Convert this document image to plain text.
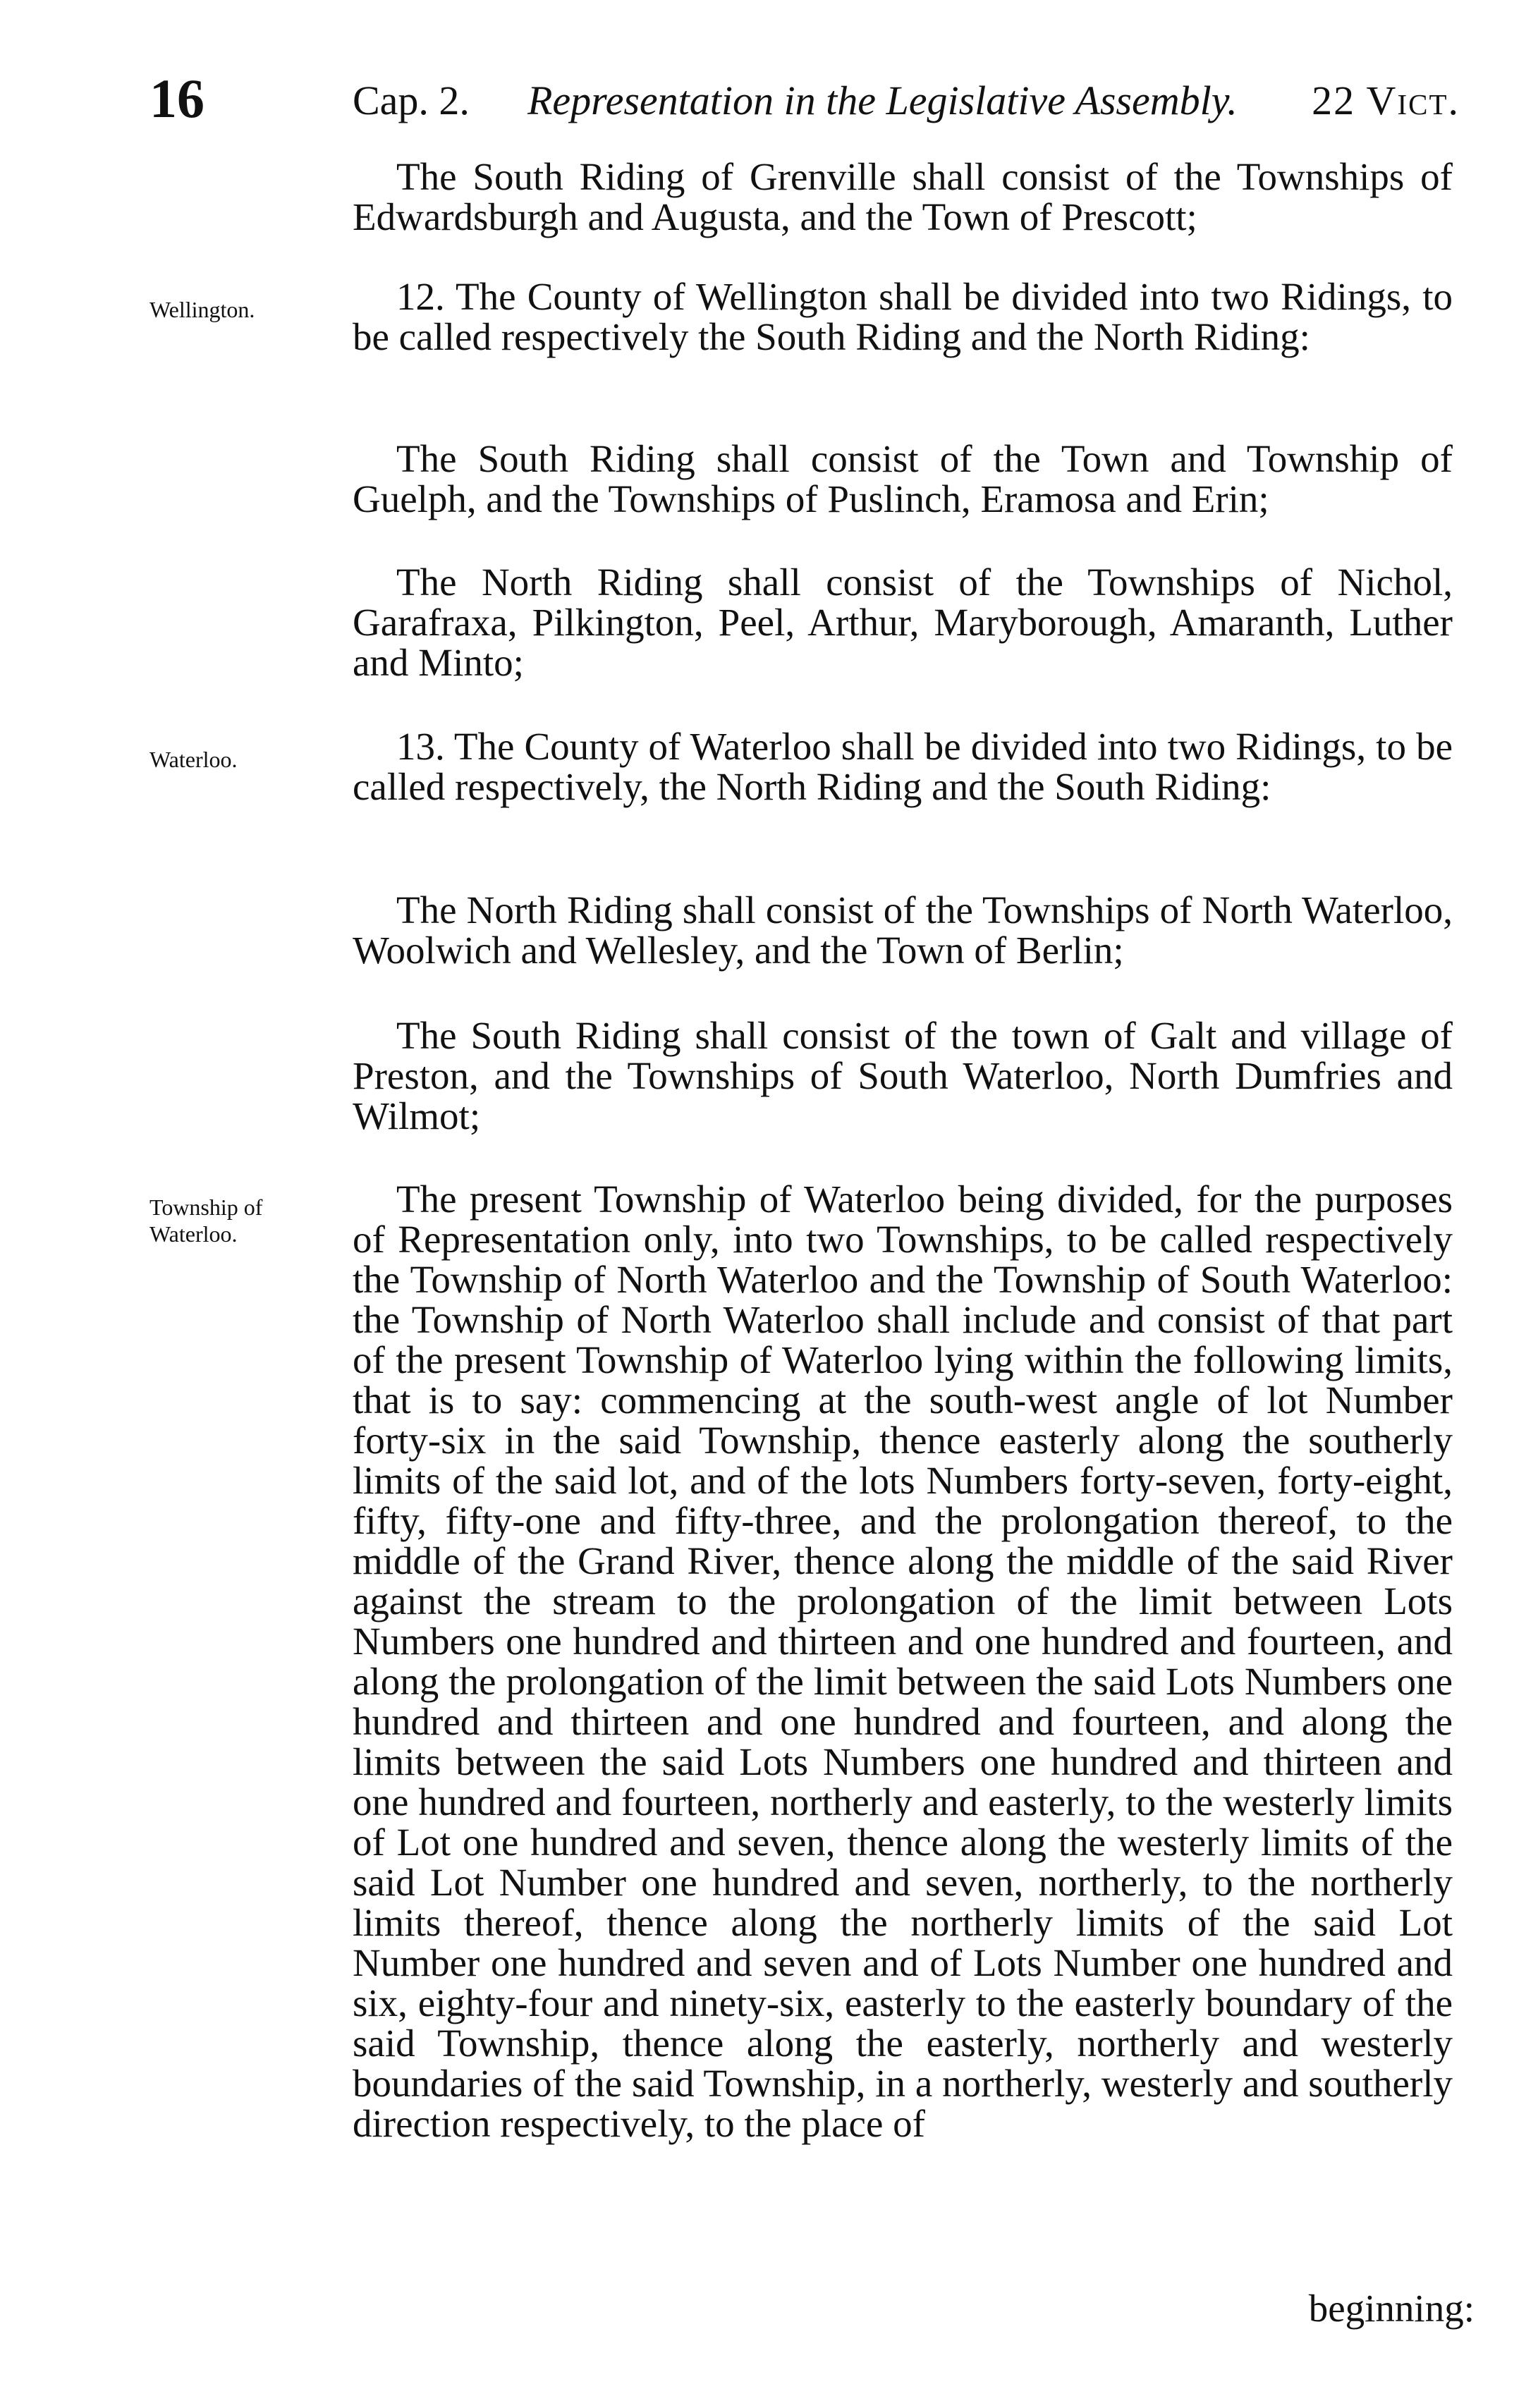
16	Cap. 2. Representation in the Legislative Assembly. 22 Vict.
Wellington.
Waterloo.
Township of Waterloo.

The South Riding of Grenville shall consist of the Townships of Edwardsburgh and Augusta, and the Town of Prescott;

12. The County of Wellington shall be divided into two Ridings, to be called respectively the South Riding and the North Riding:

The South Riding shall consist of the Town and Township of Guelph, and the Townships of Puslinch, Eramosa and Erin;

The North Riding shall consist of the Townships of Nichol, Garafraxa, Pilkington, Peel, Arthur, Maryborough, Amaranth, Luther and Minto;

13. The County of Waterloo shall be divided into two Ridings, to be called respectively, the North Riding and the South Riding:

The North Riding shall consist of the Townships of North Waterloo, Woolwich and Wellesley, and the Town of Berlin;

The South Riding shall consist of the town of Galt and village of Preston, and the Townships of South Waterloo, North Dumfries and Wilmot;

The present Township of Waterloo being divided, for the purposes of Representation only, into two Townships, to be called respectively the Township of North Waterloo and the Township of South Waterloo: the Township of North Waterloo shall include and consist of that part of the present Township of Waterloo lying within the following limits, that is to say: commencing at the south-west angle of lot Number forty-six in the said Township, thence easterly along the southerly limits of the said lot, and of the lots Numbers forty-seven, forty-eight, fifty, fifty-one and fifty-three, and the prolongation thereof, to the middle of the Grand River, thence along the middle of the said River against the stream to the prolongation of the limit between Lots Numbers one hundred and thirteen and one hundred and fourteen, and along the prolongation of the limit between the said Lots Numbers one hundred and thirteen and one hundred and fourteen, and along the limits between the said Lots Numbers one hundred and thirteen and one hundred and fourteen, northerly and easterly, to the westerly limits of Lot one hundred and seven, thence along the westerly limits of the said Lot Number one hundred and seven, northerly, to the northerly limits thereof, thence along the northerly limits of the said Lot Number one hundred and seven and of Lots Number one hundred and six, eighty-four and ninety-six, easterly to the easterly boundary of the said Township, thence along the easterly, northerly and westerly boundaries of the said Township, in a northerly, westerly and southerly direction respectively, to the place of

beginning:
